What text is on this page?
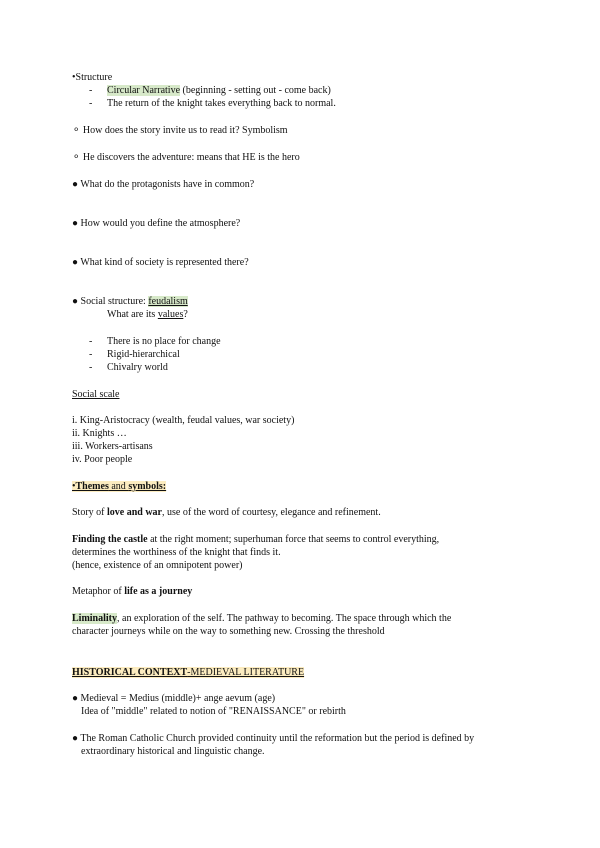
•Structure
- Circular Narrative (beginning - setting out - come back)
- The return of the knight takes everything back to normal.
⚬ How does the story invite us to read it? Symbolism
⚬ He discovers the adventure: means that HE is the hero
● What do the protagonists have in common?
● How would you define the atmosphere?
● What kind of society is represented there?
● Social structure: feudalism
What are its values?
- There is no place for change
- Rigid-hierarchical
- Chivalry world
Social scale
i. King-Aristocracy (wealth, feudal values, war society)
ii. Knights …
iii. Workers-artisans
iv. Poor people
•Themes and symbols:
Story of love and war, use of the word of courtesy, elegance and refinement.
Finding the castle at the right moment; superhuman force that seems to control everything,
determines the worthiness of the knight that finds it.
(hence, existence of an omnipotent power)
Metaphor of life as a journey
Liminality, an exploration of the self. The pathway to becoming. The space through which the
character journeys while on the way to something new. Crossing the threshold
HISTORICAL CONTEXT-MEDIEVAL LITERATURE
● Medieval = Medius (middle)+ ange aevum (age)
Idea of "middle" related to notion of "RENAISSANCE" or rebirth
● The Roman Catholic Church provided continuity until the reformation but the period is defined by
extraordinary historical and linguistic change.
